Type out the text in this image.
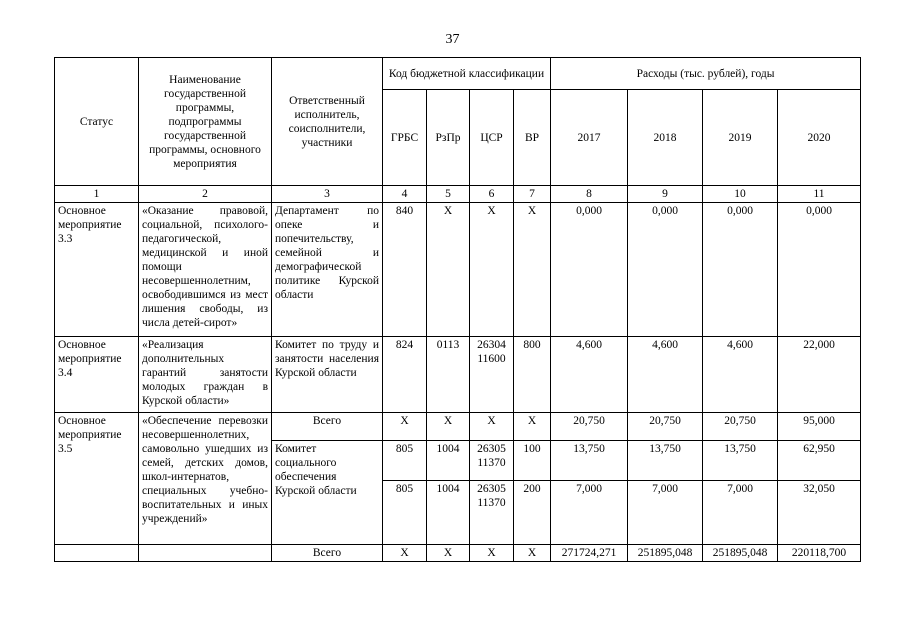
37
Статус	Наименование государственной программы, подпрограммы государственной программы, основного мероприятия	Ответственный исполнитель, соисполнители, участники	Код бюджетной классификации				Расходы (тыс. рублей), годы			
			ГРБС	РзПр	ЦСР	ВР	2017	2018	2019	2020
1	2	3	4	5	6	7	8	9	10	11
Основное мероприятие 3.3	«Оказание правовой, социальной, психолого-педагогической, медицинской и иной помощи несовершеннолетним, освободившимся из мест лишения свободы, из числа детей-сирот»	Департамент по опеке и попечительству, семейной и демографической политике Курской области	840	Х	Х	Х	0,000	0,000	0,000	0,000
Основное мероприятие 3.4	«Реализация дополнительных гарантий занятости молодых граждан в Курской области»	Комитет по труду и занятости населения Курской области	824	0113	26304 11600	800	4,600	4,600	4,600	22,000
Основное мероприятие 3.5	«Обеспечение перевозки несовершеннолетних, самовольно ушедших из семей, детских домов, школ-интернатов, специальных учебно-воспитательных и иных учреждений»	Всего	Х	Х	Х	Х	20,750	20,750	20,750	95,000
		Комитет социального обеспечения Курской области	805	1004	26305 11370	100	13,750	13,750	13,750	62,950
			805	1004	26305 11370	200	7,000	7,000	7,000	32,050
		Всего	Х	Х	Х	Х	271724,271	251895,048	251895,048	220118,700
